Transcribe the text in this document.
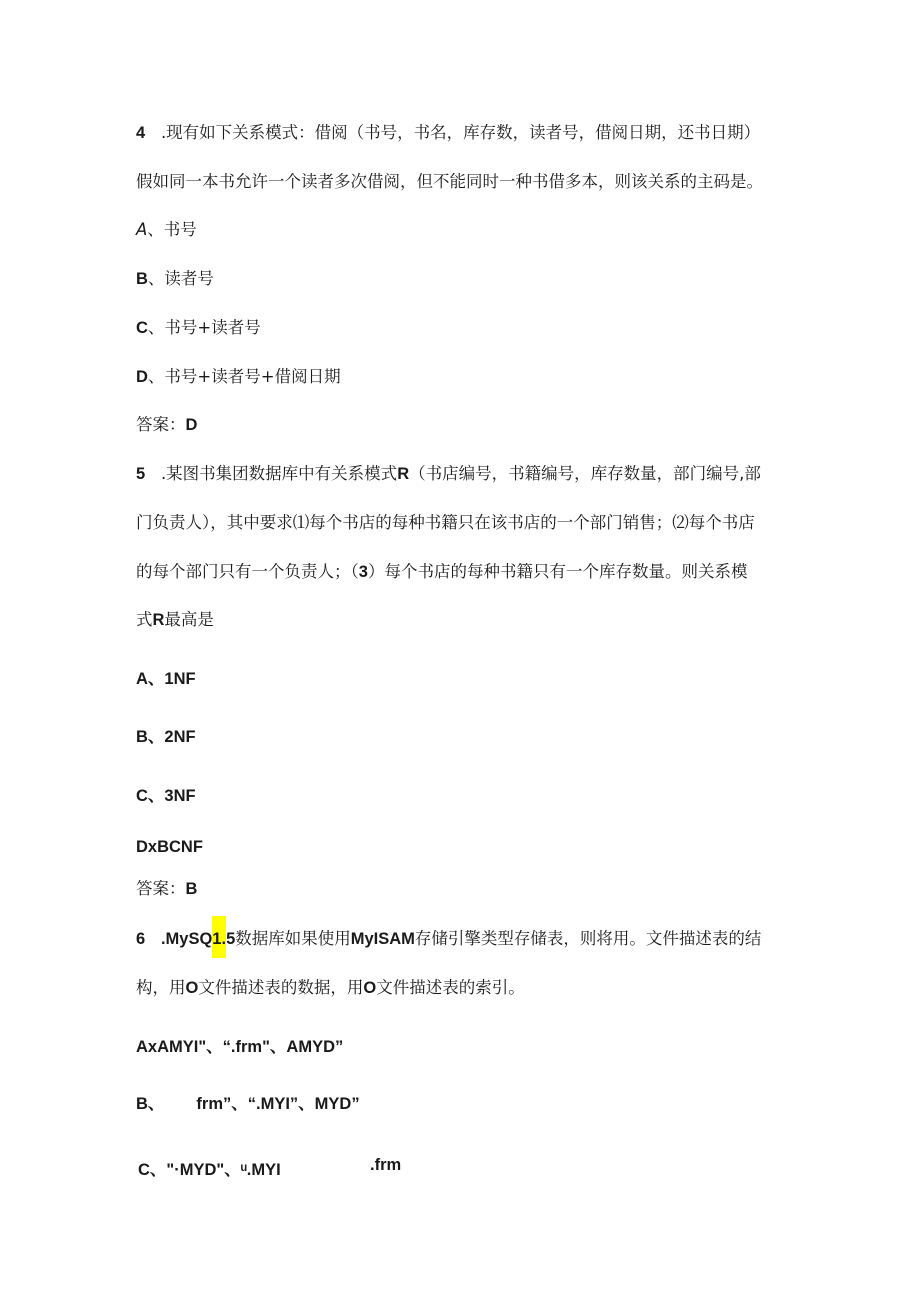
4 .现有如下关系模式：借阅（书号，书名，库存数，读者号，借阅日期，还书日期）
假如同一本书允许一个读者多次借阅，但不能同时一种书借多本，则该关系的主码是。
A、书号
B、读者号
C、书号+读者号
D、书号+读者号+借阅日期
答案：D
5 .某图书集团数据库中有关系模式R（书店编号，书籍编号，库存数量，部门编号,部
门负责人），其中要求⑴每个书店的每种书籍只在该书店的一个部门销售；⑵每个书店
的每个部门只有一个负责人；（3）每个书店的每种书籍只有一个库存数量。则关系模
式R最高是
A、1NF
B、2NF
C、3NF
DxBCNF
答案：B
6 .MySQ1.5数据库如果使用MyISAM存储引擎类型存储表，则将用。文件描述表的结
构，用O文件描述表的数据，用O文件描述表的索引。
AxAMYI"、“.frm"、AMYD”
B、 frm”、“.MYI”、MYD”
C、"·MYD"、ᵘ.MYI	.frm
